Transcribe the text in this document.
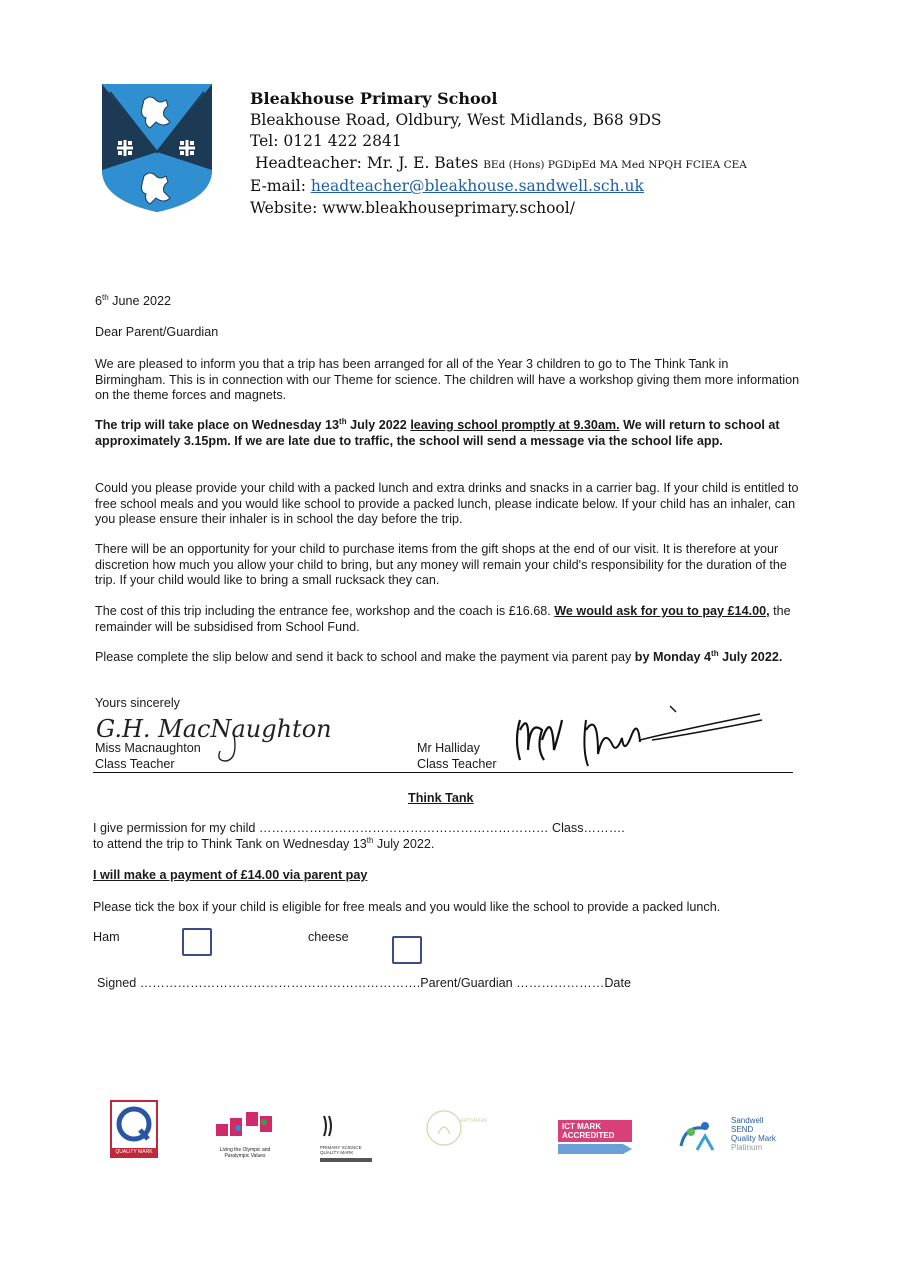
Bleakhouse Primary School
Bleakhouse Road, Oldbury, West Midlands, B68 9DS
Tel: 0121 422 2841
Headteacher: Mr. J. E. Bates BEd (Hons) PGDipEd MA Med NPQH FCIEA CEA
E-mail: headteacher@bleakhouse.sandwell.sch.uk
Website: www.bleakhouseprimary.school/

6th June 2022

Dear Parent/Guardian

We are pleased to inform you that a trip has been arranged for all of the Year 3 children to go to The Think Tank in Birmingham. This is in connection with our Theme for science. The children will have a workshop giving them more information on the theme forces and magnets.

The trip will take place on Wednesday 13th July 2022 leaving school promptly at 9.30am. We will return to school at approximately 3.15pm. If we are late due to traffic, the school will send a message via the school life app.

Could you please provide your child with a packed lunch and extra drinks and snacks in a carrier bag. If your child is entitled to free school meals and you would like school to provide a packed lunch, please indicate below. If your child has an inhaler, can you please ensure their inhaler is in school the day before the trip.

There will be an opportunity for your child to purchase items from the gift shops at the end of our visit. It is therefore at your discretion how much you allow your child to bring, but any money will remain your child's responsibility for the duration of the trip. If your child would like to bring a small rucksack they can.

The cost of this trip including the entrance fee, workshop and the coach is £16.68. We would ask for you to pay £14.00, the remainder will be subsidised from School Fund.

Please complete the slip below and send it back to school and make the payment via parent pay by Monday 4th July 2022.

Yours sincerely

G.H. MacNaughton

Miss Macnaughton

Class Teacher

Mr Halliday

Class Teacher

Think Tank

I give permission for my child …………………………………………………………… Class……….

to attend the trip to Think Tank on Wednesday 13th July 2022.

I will make a payment of £14.00 via parent pay

Please tick the box if your child is eligible for free meals and you would like the school to provide a packed lunch.

Ham	cheese

Signed ………………………………………………………….Parent/Guardian …………………Date

QUALITY MARK	Living the Olympic and Paralympic Values
PRIMARY SCIENCE QUALITY MARK
ARTSMARK
ICT MARK
ACCREDITED
Sandwell
SEND
Quality Mark
Platinum
